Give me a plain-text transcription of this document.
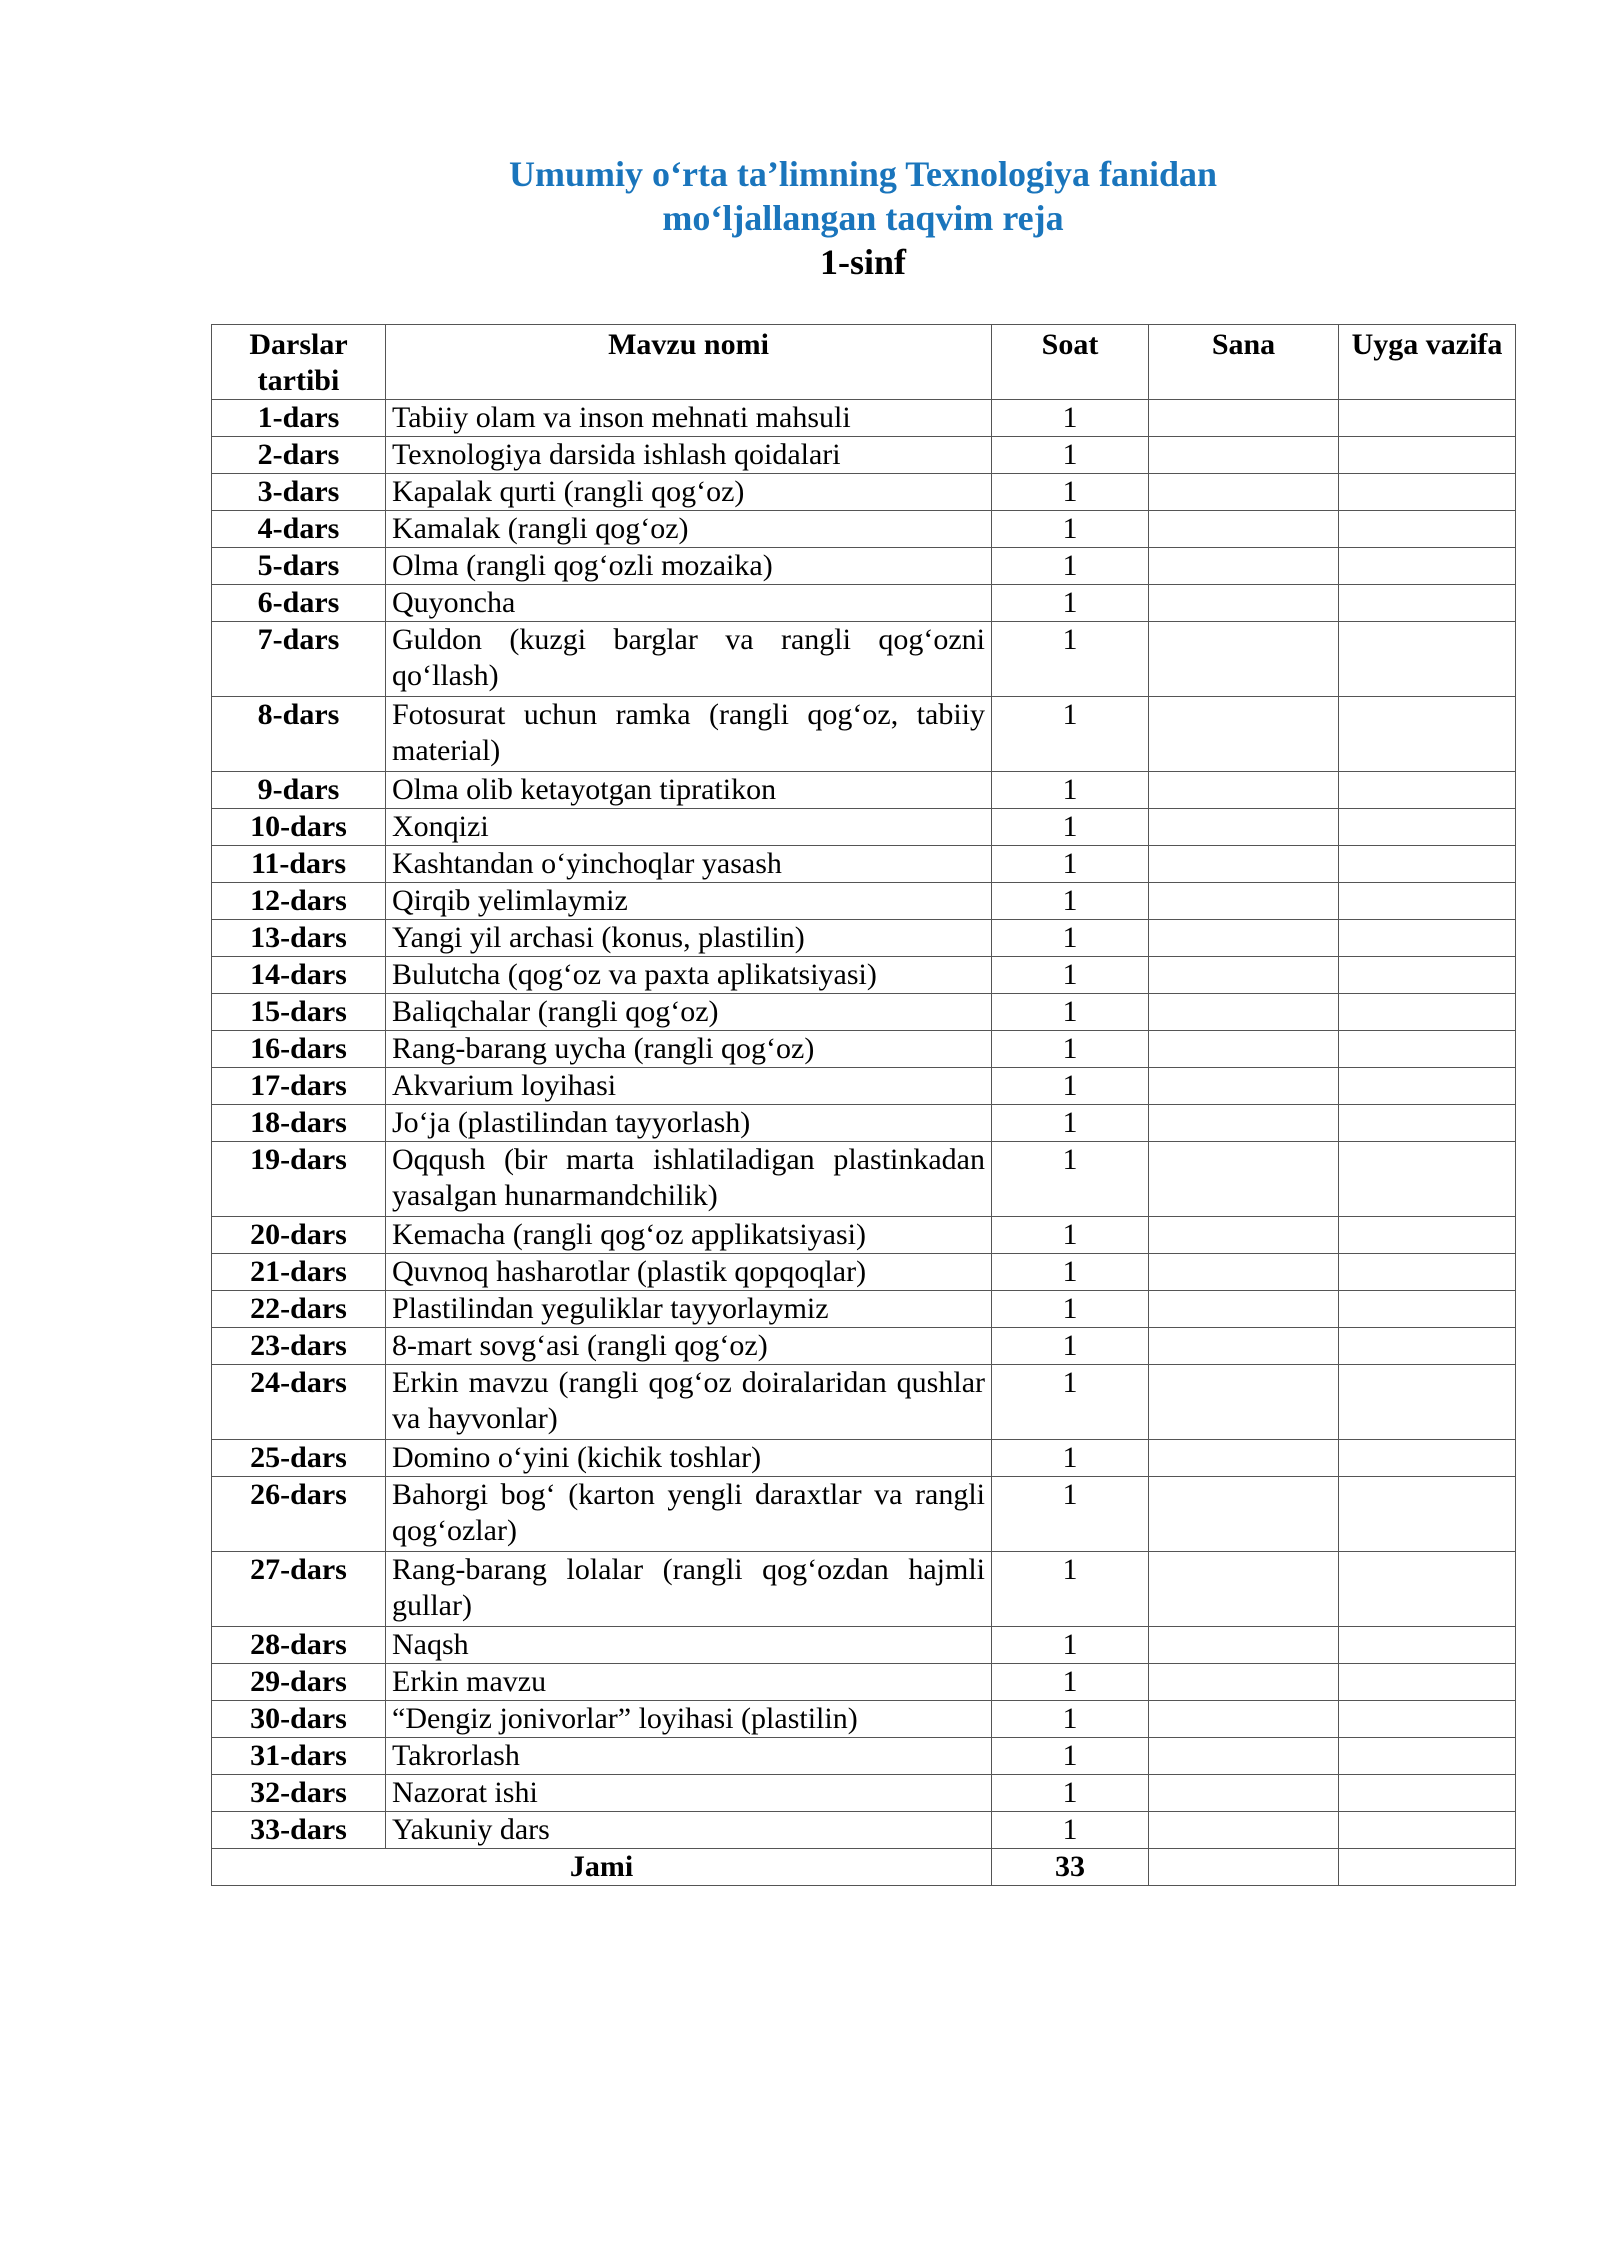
Umumiy o‘rta ta’limning Texnologiya fanidan
mo‘ljallangan taqvim reja
1-sinf
Darslar tartibi	Mavzu nomi	Soat	Sana	Uyga vazifa
1-dars	Tabiiy olam va inson mehnati mahsuli	1		
2-dars	Texnologiya darsida ishlash qoidalari	1		
3-dars	Kapalak qurti (rangli qog‘oz)	1		
4-dars	Kamalak (rangli qog‘oz)	1		
5-dars	Olma (rangli qog‘ozli mozaika)	1		
6-dars	Quyoncha	1		
7-dars	Guldon (kuzgi barglar va rangli qog‘ozni qo‘llash)	1		
8-dars	Fotosurat uchun ramka (rangli qog‘oz, tabiiy material)	1		
9-dars	Olma olib ketayotgan tipratikon	1		
10-dars	Xonqizi	1		
11-dars	Kashtandan o‘yinchoqlar yasash	1		
12-dars	Qirqib yelimlaymiz	1		
13-dars	Yangi yil archasi (konus, plastilin)	1		
14-dars	Bulutcha (qog‘oz va paxta aplikatsiyasi)	1		
15-dars	Baliqchalar (rangli qog‘oz)	1		
16-dars	Rang-barang uycha (rangli qog‘oz)	1		
17-dars	Akvarium loyihasi	1		
18-dars	Jo‘ja (plastilindan tayyorlash)	1		
19-dars	Oqqush (bir marta ishlatiladigan plastinkadan yasalgan hunarmandchilik)	1		
20-dars	Kemacha (rangli qog‘oz applikatsiyasi)	1		
21-dars	Quvnoq hasharotlar (plastik qopqoqlar)	1		
22-dars	Plastilindan yeguliklar tayyorlaymiz	1		
23-dars	8-mart sovg‘asi (rangli qog‘oz)	1		
24-dars	Erkin mavzu (rangli qog‘oz doiralaridan qushlar va hayvonlar)	1		
25-dars	Domino o‘yini (kichik toshlar)	1		
26-dars	Bahorgi bog‘ (karton yengli daraxtlar va rangli qog‘ozlar)	1		
27-dars	Rang-barang lolalar (rangli qog‘ozdan hajmli gullar)	1		
28-dars	Naqsh	1		
29-dars	Erkin mavzu	1		
30-dars	“Dengiz jonivorlar” loyihasi (plastilin)	1		
31-dars	Takrorlash	1		
32-dars	Nazorat ishi	1		
33-dars	Yakuniy dars	1		
Jami		33		
